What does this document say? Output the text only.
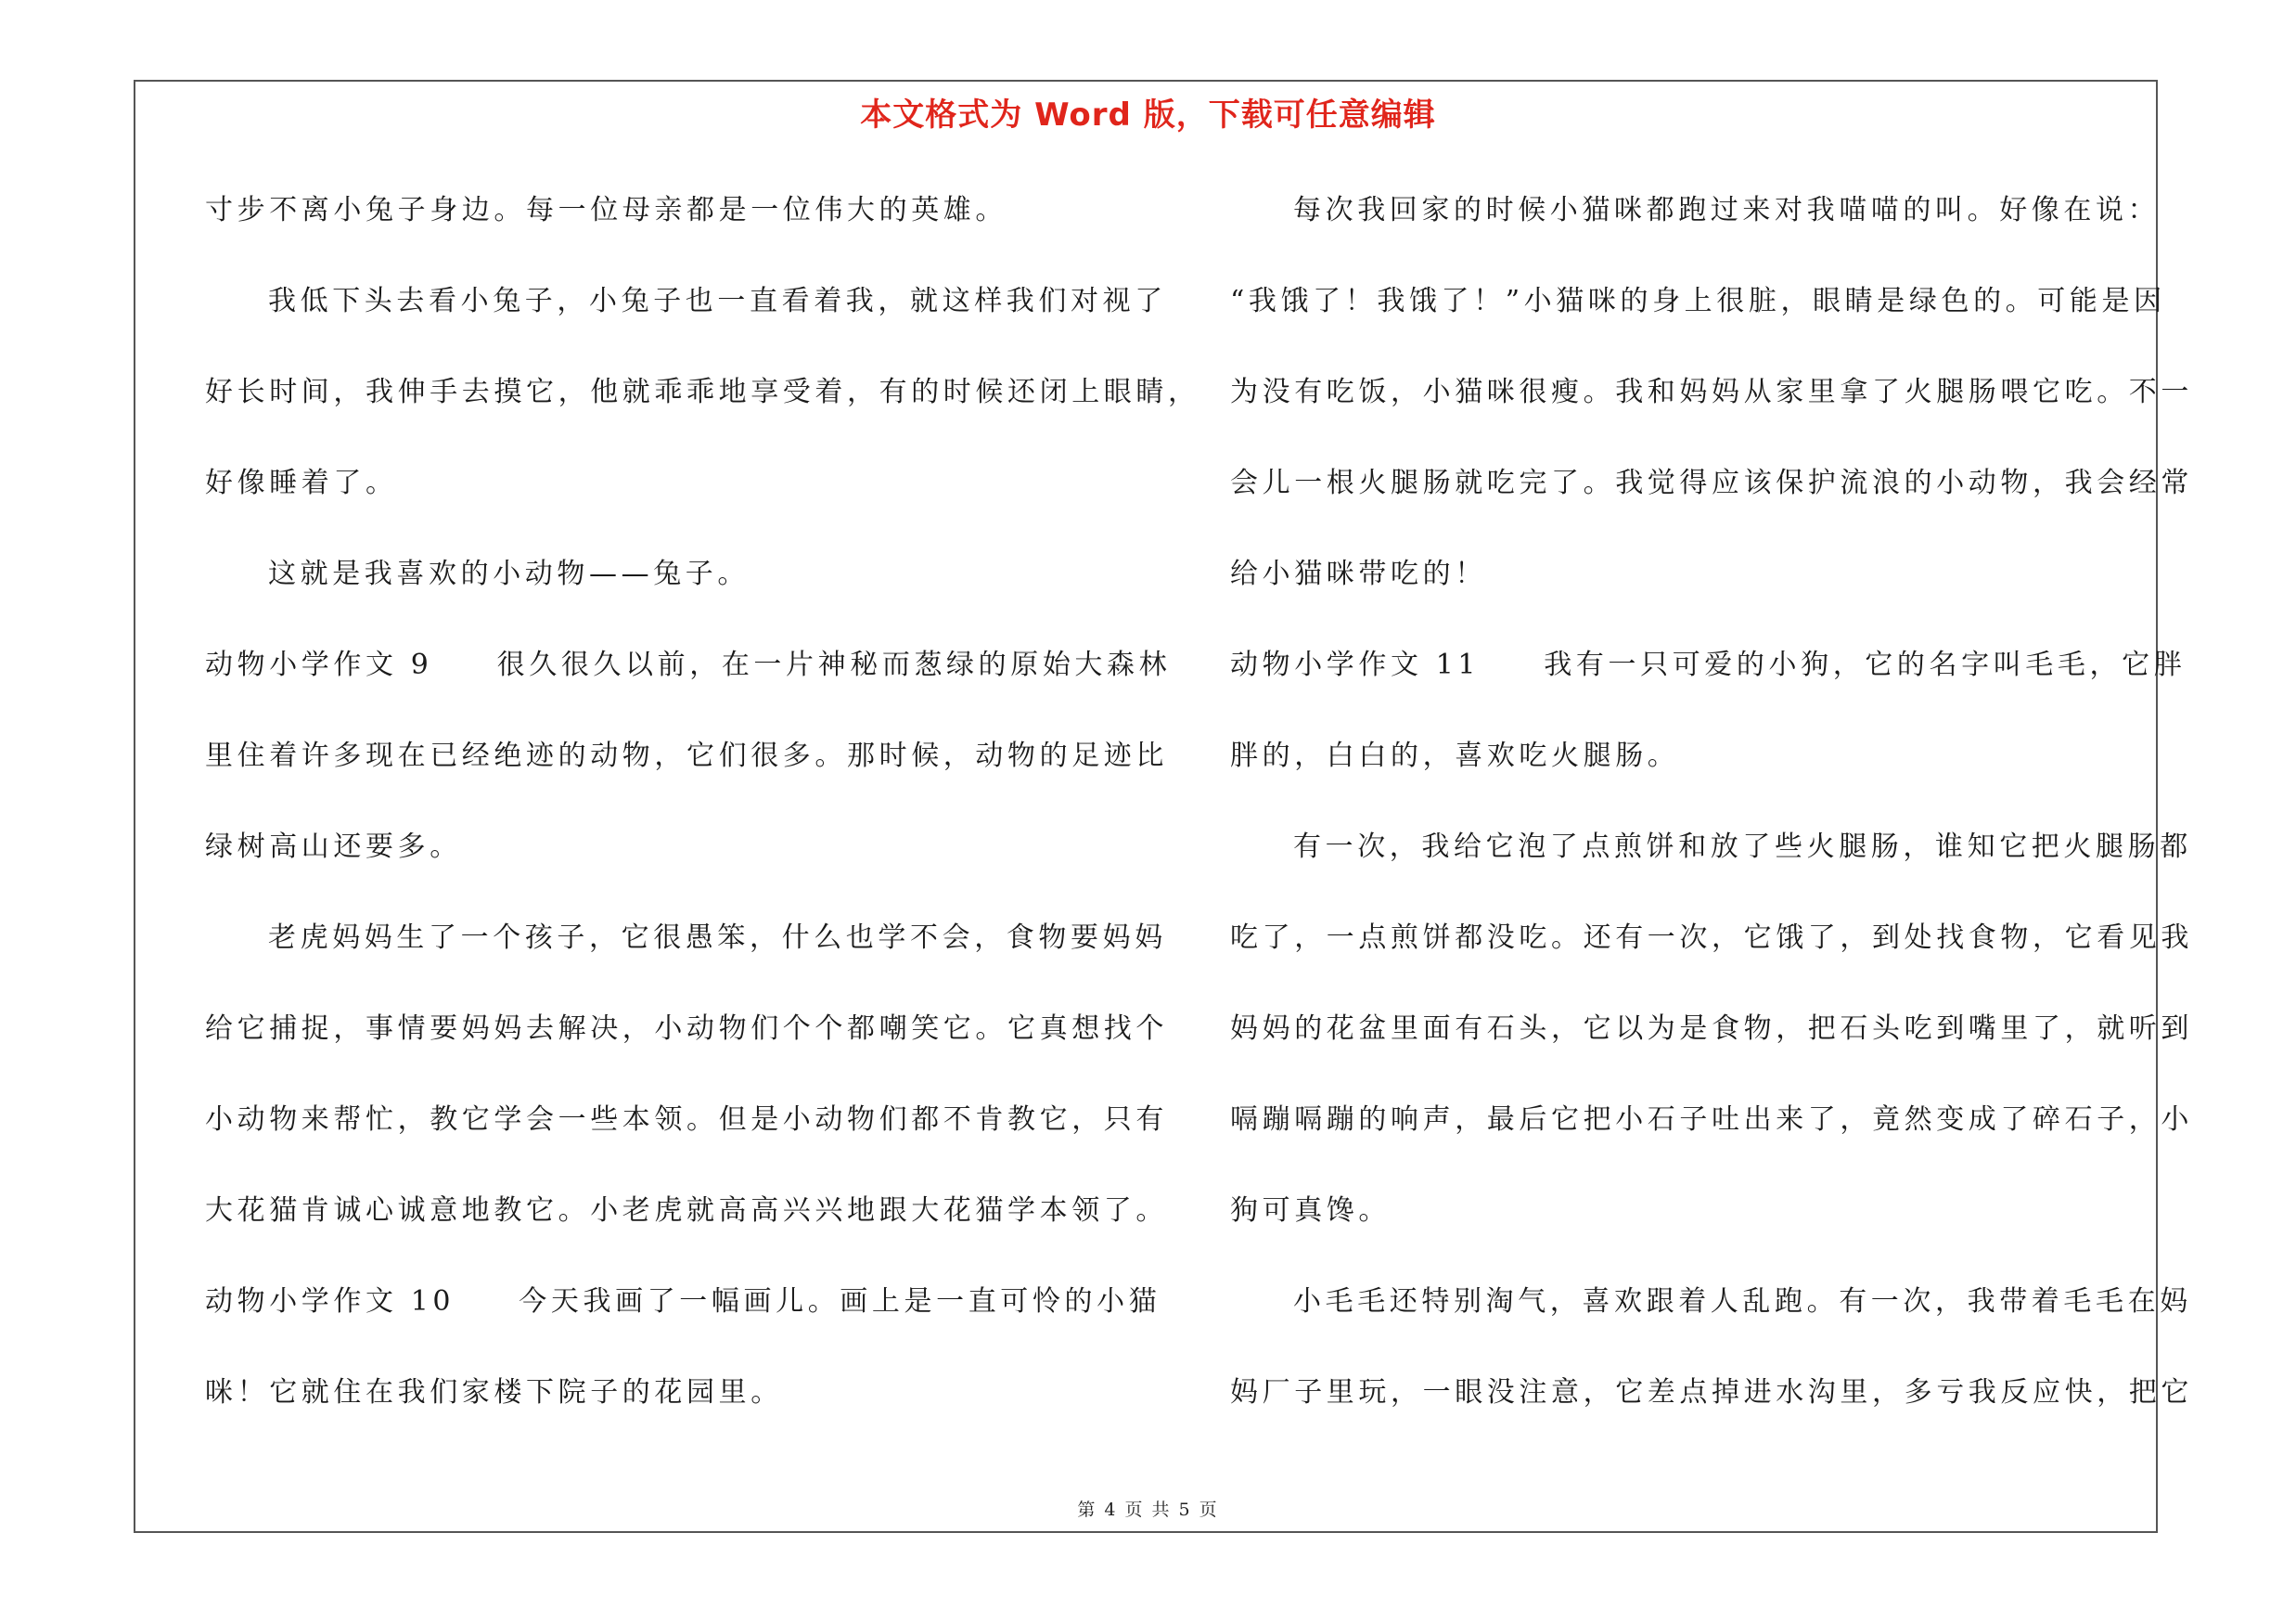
本文格式为 Word 版，下载可任意编辑
寸步不离小兔子身边。每一位母亲都是一位伟大的英雄。
我低下头去看小兔子，小兔子也一直看着我，就这样我们对视了
好长时间，我伸手去摸它，他就乖乖地享受着，有的时候还闭上眼睛，
好像睡着了。
这就是我喜欢的小动物——兔子。
动物小学作文 9　　很久很久以前，在一片神秘而葱绿的原始大森林
里住着许多现在已经绝迹的动物，它们很多。那时候，动物的足迹比
绿树高山还要多。
老虎妈妈生了一个孩子，它很愚笨，什么也学不会，食物要妈妈
给它捕捉，事情要妈妈去解决，小动物们个个都嘲笑它。它真想找个
小动物来帮忙，教它学会一些本领。但是小动物们都不肯教它，只有
大花猫肯诚心诚意地教它。小老虎就高高兴兴地跟大花猫学本领了。
动物小学作文 10　　今天我画了一幅画儿。画上是一直可怜的小猫
咪！它就住在我们家楼下院子的花园里。
每次我回家的时候小猫咪都跑过来对我喵喵的叫。好像在说：
“我饿了！我饿了！”小猫咪的身上很脏，眼睛是绿色的。可能是因
为没有吃饭，小猫咪很瘦。我和妈妈从家里拿了火腿肠喂它吃。不一
会儿一根火腿肠就吃完了。我觉得应该保护流浪的小动物，我会经常
给小猫咪带吃的！
动物小学作文 11　　我有一只可爱的小狗，它的名字叫毛毛，它胖
胖的，白白的，喜欢吃火腿肠。
有一次，我给它泡了点煎饼和放了些火腿肠，谁知它把火腿肠都
吃了，一点煎饼都没吃。还有一次，它饿了，到处找食物，它看见我
妈妈的花盆里面有石头，它以为是食物，把石头吃到嘴里了，就听到
嗝蹦嗝蹦的响声，最后它把小石子吐出来了，竟然变成了碎石子，小
狗可真馋。
小毛毛还特别淘气，喜欢跟着人乱跑。有一次，我带着毛毛在妈
妈厂子里玩，一眼没注意，它差点掉进水沟里，多亏我反应快，把它
第 4 页 共 5 页
